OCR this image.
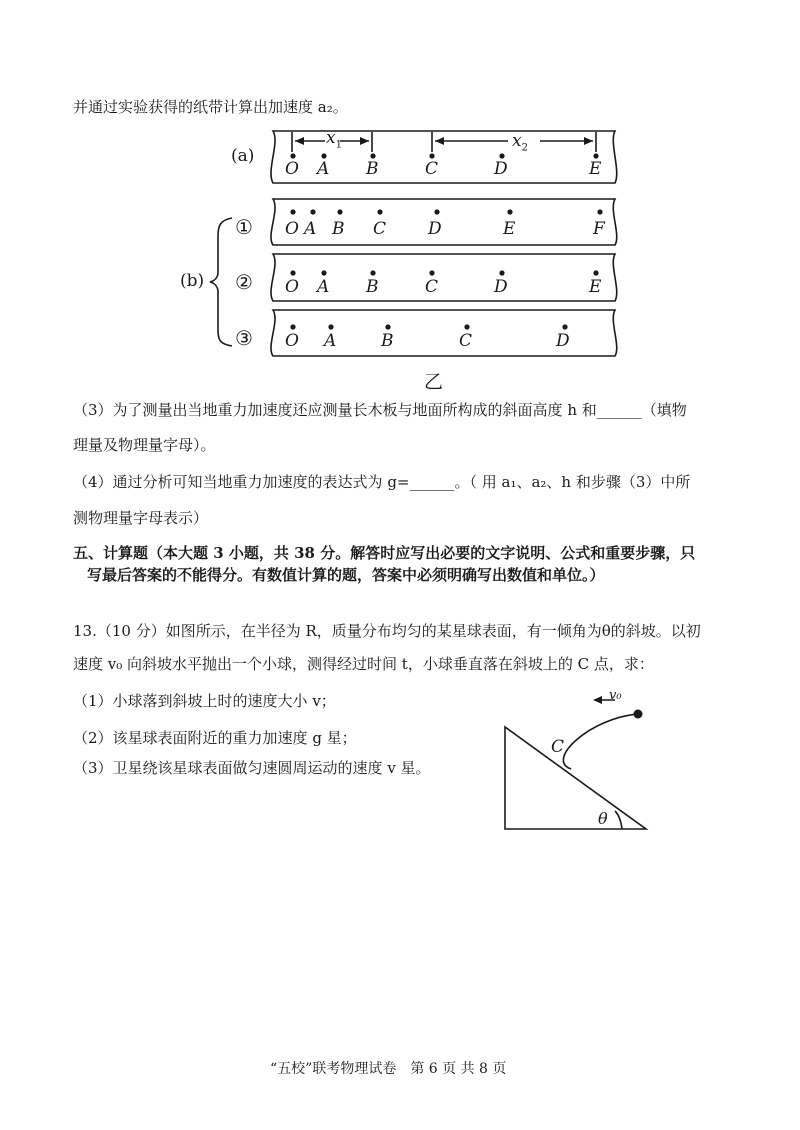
并通过实验获得的纸带计算出加速度 a₂。
(a)
(b)
①
②
③
$x_1$	$x_2$
O A B	C	D	E
O A B C D	E	F
O A B	C	D	E
O A	B	C	D
乙
（3）为了测量出当地重力加速度还应测量长木板与地面所构成的斜面高度 h 和______（填物
理量及物理量字母）。
（4）通过分析可知当地重力加速度的表达式为 g=______。（ 用 a₁、a₂、h 和步骤（3）中所
测物理量字母表示）
五、计算题（本大题 3 小题，共 38 分。解答时应写出必要的文字说明、公式和重要步骤，只
写最后答案的不能得分。有数值计算的题，答案中必须明确写出数值和单位。）
13.（10 分）如图所示，在半径为 R，质量分布均匀的某星球表面，有一倾角为θ的斜坡。以初
速度 v₀ 向斜坡水平抛出一个小球，测得经过时间 t，小球垂直落在斜坡上的 C 点，求：
（1）小球落到斜坡上时的速度大小 v；
（2）该星球表面附近的重力加速度 g 星；
（3）卫星绕该星球表面做匀速圆周运动的速度 v 星。
v₀
C
θ
“五校”联考物理试卷　第 6 页 共 8 页
